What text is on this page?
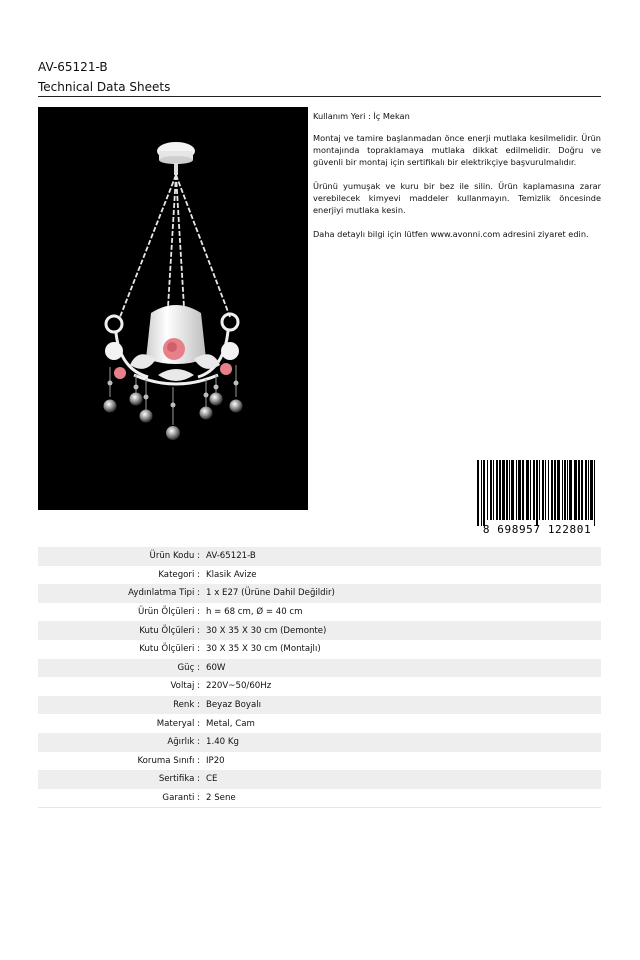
AV-65121-B
Technical Data Sheets

Kullanım Yeri : İç Mekan

Montaj ve tamire başlanmadan önce enerji mutlaka kesilmelidir. Ürün montajında topraklamaya mutlaka dikkat edilmelidir. Doğru ve güvenli bir montaj için sertifikalı bir elektrikçiye başvurulmalıdır.

Ürünü yumuşak ve kuru bir bez ile silin. Ürün kaplamasına zarar verebilecek kimyevi maddeler kullanmayın. Temizlik öncesinde enerjiyi mutlaka kesin.

Daha detaylı bilgi için lütfen www.avonni.com adresini ziyaret edin.

8 698957 122801
Ürün Kodu : AV-65121-B
Kategori : Klasik Avize
Aydınlatma Tipi : 1 x E27 (Ürüne Dahil Değildir)
Ürün Ölçüleri : h = 68 cm, Ø = 40 cm
Kutu Ölçüleri : 30 X 35 X 30 cm (Demonte)
Kutu Ölçüleri : 30 X 35 X 30 cm (Montajlı)
Güç : 60W
Voltaj : 220V~50/60Hz
Renk : Beyaz Boyalı
Materyal : Metal, Cam
Ağırlık : 1.40 Kg
Koruma Sınıfı : IP20
Sertifika : CE
Garanti : 2 Sene
